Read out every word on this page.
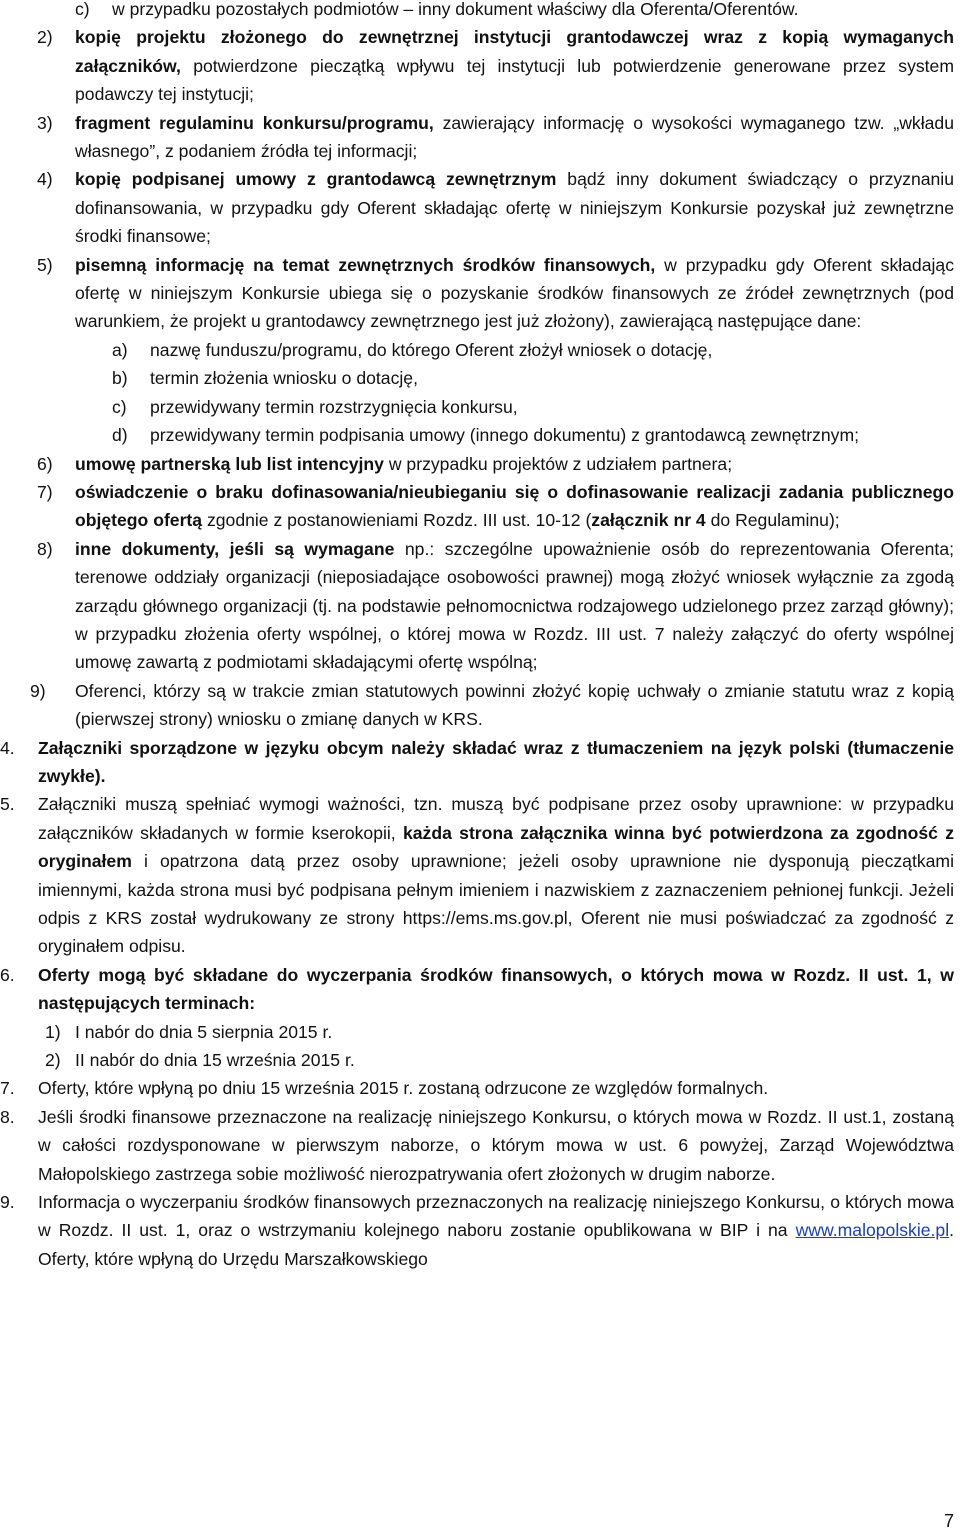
c) w przypadku pozostałych podmiotów – inny dokument właściwy dla Oferenta/Oferentów.

2) kopię projektu złożonego do zewnętrznej instytucji grantodawczej wraz z kopią wymaganych załączników, potwierdzone pieczątką wpływu tej instytucji lub potwierdzenie generowane przez system podawczy tej instytucji;

3) fragment regulaminu konkursu/programu, zawierający informację o wysokości wymaganego tzw. „wkładu własnego”, z podaniem źródła tej informacji;

4) kopię podpisanej umowy z grantodawcą zewnętrznym bądź inny dokument świadczący o przyznaniu dofinansowania, w przypadku gdy Oferent składając ofertę w niniejszym Konkursie pozyskał już zewnętrzne środki finansowe;

5) pisemną informację na temat zewnętrznych środków finansowych, w przypadku gdy Oferent składając ofertę w niniejszym Konkursie ubiega się o pozyskanie środków finansowych ze źródeł zewnętrznych (pod warunkiem, że projekt u grantodawcy zewnętrznego jest już złożony), zawierającą następujące dane:

a) nazwę funduszu/programu, do którego Oferent złożył wniosek o dotację,

b) termin złożenia wniosku o dotację,

c) przewidywany termin rozstrzygnięcia konkursu,

d) przewidywany termin podpisania umowy (innego dokumentu) z grantodawcą zewnętrznym;

6) umowę partnerską lub list intencyjny w przypadku projektów z udziałem partnera;

7) oświadczenie o braku dofinasowania/nieubieganiu się o dofinasowanie realizacji zadania publicznego objętego ofertą zgodnie z postanowieniami Rozdz. III ust. 10-12 (załącznik nr 4 do Regulaminu);

8) inne dokumenty, jeśli są wymagane np.: szczególne upoważnienie osób do reprezentowania Oferenta; terenowe oddziały organizacji (nieposiadające osobowości prawnej) mogą złożyć wniosek wyłącznie za zgodą zarządu głównego organizacji (tj. na podstawie pełnomocnictwa rodzajowego udzielonego przez zarząd główny); w przypadku złożenia oferty wspólnej, o której mowa w Rozdz. III ust. 7 należy załączyć do oferty wspólnej umowę zawartą z podmiotami składającymi ofertę wspólną;

9) Oferenci, którzy są w trakcie zmian statutowych powinni złożyć kopię uchwały o zmianie statutu wraz z kopią (pierwszej strony) wniosku o zmianę danych w KRS.

4. Załączniki sporządzone w języku obcym należy składać wraz z tłumaczeniem na język polski (tłumaczenie zwykłe).

5. Załączniki muszą spełniać wymogi ważności, tzn. muszą być podpisane przez osoby uprawnione: w przypadku załączników składanych w formie kserokopii, każda strona załącznika winna być potwierdzona za zgodność z oryginałem i opatrzona datą przez osoby uprawnione; jeżeli osoby uprawnione nie dysponują pieczątkami imiennymi, każda strona musi być podpisana pełnym imieniem i nazwiskiem z zaznaczeniem pełnionej funkcji. Jeżeli odpis z KRS został wydrukowany ze strony https://ems.ms.gov.pl, Oferent nie musi poświadczać za zgodność z oryginałem odpisu.

6. Oferty mogą być składane do wyczerpania środków finansowych, o których mowa w Rozdz. II ust. 1, w następujących terminach:

1) I nabór do dnia 5 sierpnia 2015 r.

2) II nabór do dnia 15 września 2015 r.

7. Oferty, które wpłyną po dniu 15 września 2015 r. zostaną odrzucone ze względów formalnych.

8. Jeśli środki finansowe przeznaczone na realizację niniejszego Konkursu, o których mowa w Rozdz. II ust.1, zostaną w całości rozdysponowane w pierwszym naborze, o którym mowa w ust. 6 powyżej, Zarząd Województwa Małopolskiego zastrzega sobie możliwość nierozpatrywania ofert złożonych w drugim naborze.

9. Informacja o wyczerpaniu środków finansowych przeznaczonych na realizację niniejszego Konkursu, o których mowa w Rozdz. II ust. 1, oraz o wstrzymaniu kolejnego naboru zostanie opublikowana w BIP i na www.malopolskie.pl. Oferty, które wpłyną do Urzędu Marszałkowskiego

7
